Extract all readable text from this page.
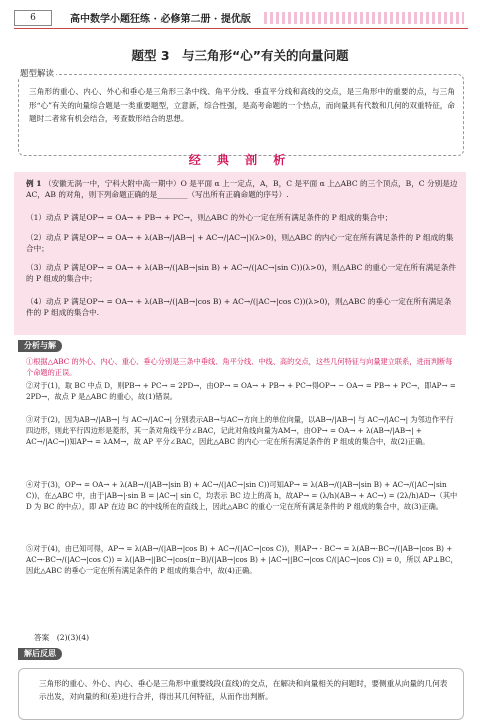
6	高中数学小题狂练 · 必修第二册 · 提优版
题型 3　与三角形“心”有关的向量问题
题型解读
三角形的重心、内心、外心和垂心是三角形三条中线、角平分线、垂直平分线和高线的交点，是三角形中的重要的点，与三角形“心”有关的向量综合题是一类重要题型，立意新，综合性强，是高考命题的一个热点，而向量具有代数和几何的双重特征，命题时二者常有机会结合，考查数形结合的思想。
经 典 剖 析
例 1 （安徽无涡一中，宁科大附中高一期中）O 是平面 α 上一定点，A，B，C 是平面 α 上△ABC 的三个顶点，B，C 分别是边 AC，AB 的对角，则下列命题正确的是________（写出所有正确命题的序号）.
（1）动点 P 满足OP→ = OA→ + PB→ + PC→，则△ABC 的外心一定在所有满足条件的 P 组成的集合中；
（2）动点 P 满足OP→ = OA→ + λ(AB→/|AB→| + AC→/|AC→|)(λ>0)，则△ABC 的内心一定在所有满足条件的 P 组成的集合中；
（3）动点 P 满足OP→ = OA→ + λ(AB→/(|AB→|sin B) + AC→/(|AC→|sin C))(λ>0)，则△ABC 的重心一定在所有满足条件的 P 组成的集合中；
（4）动点 P 满足OP→ = OA→ + λ(AB→/(|AB→|cos B) + AC→/(|AC→|cos C))(λ>0)，则△ABC 的垂心一定在所有满足条件的 P 组成的集合中.
分析与解
①根据△ABC 的外心、内心、重心、垂心分别是三条中垂线、角平分线、中线、高的交点，这些几何特征与向量建立联系，进而判断每个命题的正误。
②对于(1)，取 BC 中点 D，则PB→ + PC→ = 2PD→，由OP→ = OA→ + PB→ + PC→得OP→ − OA→ = PB→ + PC→，即AP→ = 2PD→，故点 P 是△ABC 的重心，故(1)错误。
③对于(2)，因为AB→/|AB→| 与 AC→/|AC→| 分别表示AB→与AC→方向上的单位向量，以AB→/|AB→| 与 AC→/|AC→| 为邻边作平行四边形，则此平行四边形是菱形，其一条对角线平分∠BAC，记此对角线向量为AM→，由OP→ = OA→ + λ(AB→/|AB→| + AC→/|AC→|)知AP→ = λAM→，故 AP 平分∠BAC，因此△ABC 的内心一定在所有满足条件的 P 组成的集合中，故(2)正确。
④对于(3)，OP→ = OA→ + λ(AB→/(|AB→|sin B) + AC→/(|AC→|sin C))可知AP→ = λ(AB→/(|AB→|sin B) + AC→/(|AC→|sin C))，在△ABC 中，由于|AB→|·sin B = |AC→| sin C，均表示 BC 边上的高 h，故AP→ = (λ/h)(AB→ + AC→) = (2λ/h)AD→（其中 D 为 BC 的中点），即 AP 在边 BC 的中线所在的直线上，因此△ABC 的重心一定在所有满足条件的 P 组成的集合中，故(3)正确。
⑤对于(4)，由已知可得，AP→ = λ(AB→/(|AB→|cos B) + AC→/(|AC→|cos C))，则AP→ · BC→ = λ(AB→·BC→/(|AB→|cos B) + AC→·BC→/(|AC→|cos C)) = λ(|AB→||BC→|cos(π−B)/(|AB→|cos B) + |AC→||BC→|cos C/(|AC→|cos C)) = 0，所以 AP⊥BC，因此△ABC 的垂心一定在所有满足条件的 P 组成的集合中，故(4)正确。
答案　(2)(3)(4)
解后反思
三角形的重心、外心、内心、垂心是三角形中重要线段(直线)的交点，在解决和向量相关的问题时，要侧重从向量的几何表示出发，对向量的和(差)进行合并，得出其几何特征，从而作出判断。
